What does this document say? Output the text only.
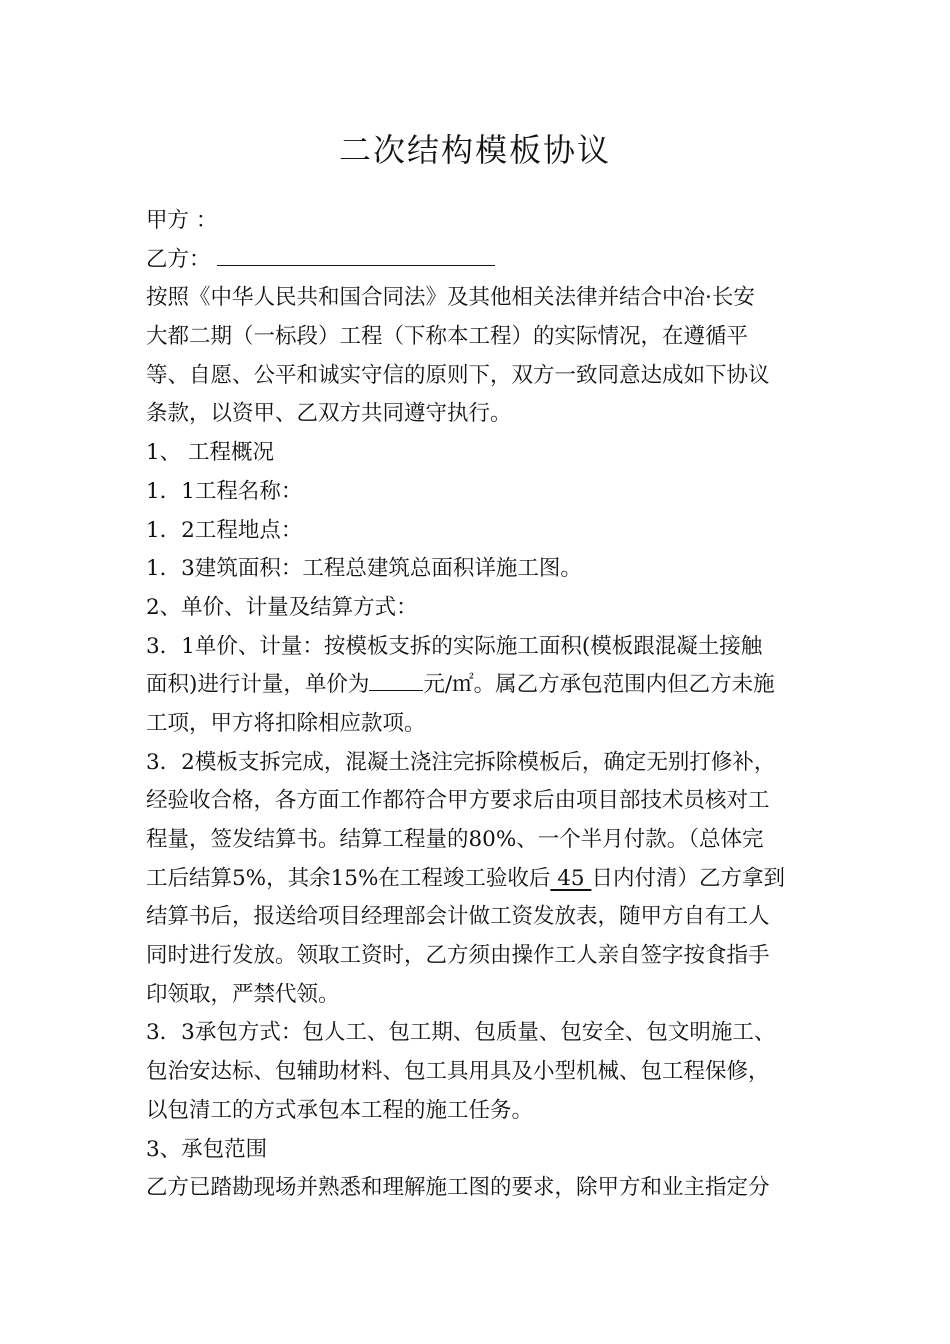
二次结构模板协议
甲方 ：
乙方：
按照《中华人民共和国合同法》及其他相关法律并结合中冶·长安
大都二期（一标段）工程（下称本工程）的实际情况，在遵循平
等、自愿、公平和诚实守信的原则下，双方一致同意达成如下协议
条款，以资甲、乙双方共同遵守执行。
1、 工程概况
1．1工程名称：
1．2工程地点：
1．3建筑面积：工程总建筑总面积详施工图。
2、单价、计量及结算方式：
3．1单价、计量：按模板支拆的实际施工面积(模板跟混凝土接触
面积)进行计量，单价为	元/㎡。属乙方承包范围内但乙方未施
工项，甲方将扣除相应款项。
3．2模板支拆完成，混凝土浇注完拆除模板后，确定无别打修补，
经验收合格，各方面工作都符合甲方要求后由项目部技术员核对工
程量，签发结算书。结算工程量的80%、一个半月付款。（总体完
工后结算5%，其余15%在工程竣工验收后 45 日内付清）乙方拿到
结算书后，报送给项目经理部会计做工资发放表，随甲方自有工人
同时进行发放。领取工资时，乙方须由操作工人亲自签字按食指手
印领取，严禁代领。
3．3承包方式：包人工、包工期、包质量、包安全、包文明施工、
包治安达标、包辅助材料、包工具用具及小型机械、包工程保修，
以包清工的方式承包本工程的施工任务。
3、承包范围
乙方已踏勘现场并熟悉和理解施工图的要求，除甲方和业主指定分
